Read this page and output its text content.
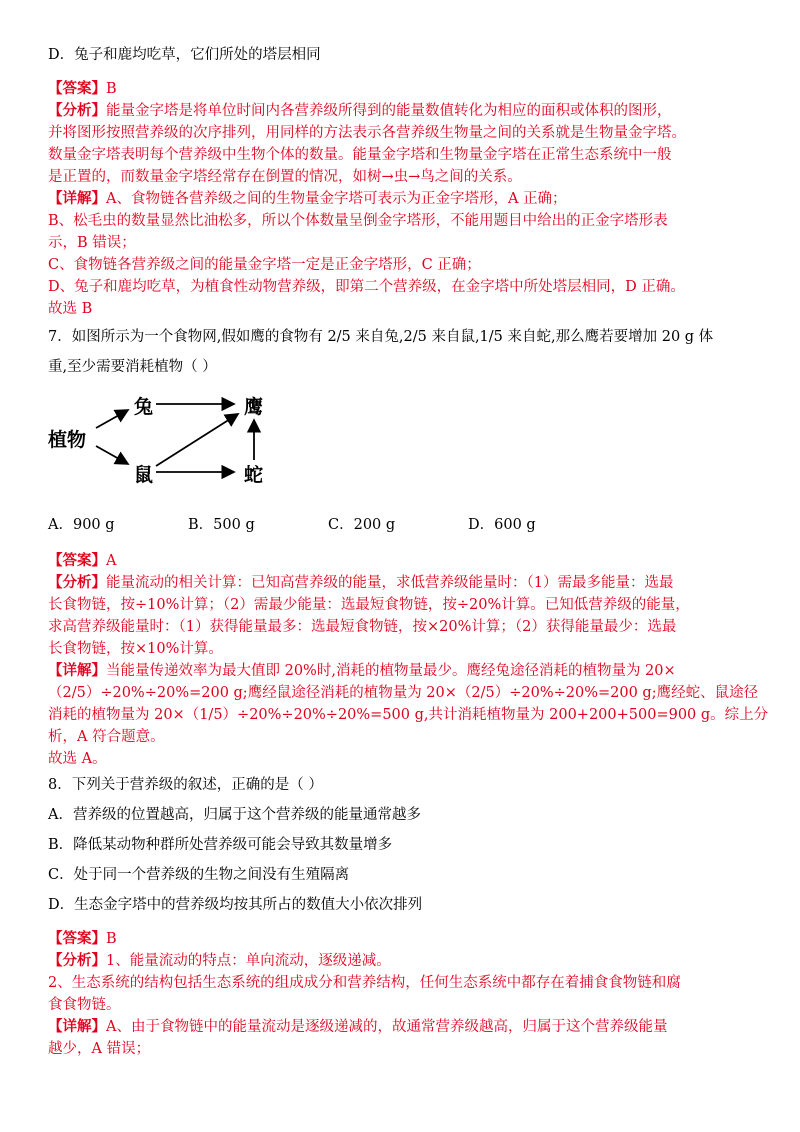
D．兔子和鹿均吃草，它们所处的塔层相同
【答案】B
【分析】能量金字塔是将单位时间内各营养级所得到的能量数值转化为相应的面积或体积的图形，
并将图形按照营养级的次序排列，用同样的方法表示各营养级生物量之间的关系就是生物量金字塔。
数量金字塔表明每个营养级中生物个体的数量。能量金字塔和生物量金字塔在正常生态系统中一般
是正置的，而数量金字塔经常存在倒置的情况，如树→虫→鸟之间的关系。
【详解】A、食物链各营养级之间的生物量金字塔可表示为正金字塔形，A 正确；
B、松毛虫的数量显然比油松多，所以个体数量呈倒金字塔形，不能用题目中给出的正金字塔形表
示，B 错误；
C、食物链各营养级之间的能量金字塔一定是正金字塔形，C 正确；
D、兔子和鹿均吃草，为植食性动物营养级，即第二个营养级，在金字塔中所处塔层相同，D 正确。
故选 B
7．如图所示为一个食物网,假如鹰的食物有 2/5 来自兔,2/5 来自鼠,1/5 来自蛇,那么鹰若要增加 20 g 体
重,至少需要消耗植物（ ）
植物
兔
鼠
鹰
蛇
A．900 g	B．500 g	C．200 g	D．600 g
【答案】A
【分析】能量流动的相关计算：已知高营养级的能量，求低营养级能量时：（1）需最多能量：选最
长食物链，按÷10%计算；（2）需最少能量：选最短食物链，按÷20%计算。已知低营养级的能量，
求高营养级能量时：（1）获得能量最多：选最短食物链，按×20%计算；（2）获得能量最少：选最
长食物链，按×10%计算。
【详解】当能量传递效率为最大值即 20%时,消耗的植物量最少。鹰经兔途径消耗的植物量为 20×
（2/5）÷20%÷20%=200 g;鹰经鼠途径消耗的植物量为 20×（2/5）÷20%÷20%=200 g;鹰经蛇、鼠途径
消耗的植物量为 20×（1/5）÷20%÷20%÷20%=500 g,共计消耗植物量为 200+200+500=900 g。综上分
析，A 符合题意。
故选 A。
8．下列关于营养级的叙述，正确的是（ ）
A．营养级的位置越高，归属于这个营养级的能量通常越多
B．降低某动物种群所处营养级可能会导致其数量增多
C．处于同一个营养级的生物之间没有生殖隔离
D．生态金字塔中的营养级均按其所占的数值大小依次排列
【答案】B
【分析】1、能量流动的特点：单向流动，逐级递减。
2、生态系统的结构包括生态系统的组成成分和营养结构，任何生态系统中都存在着捕食食物链和腐
食食物链。
【详解】A、由于食物链中的能量流动是逐级递减的，故通常营养级越高，归属于这个营养级能量
越少，A 错误；
